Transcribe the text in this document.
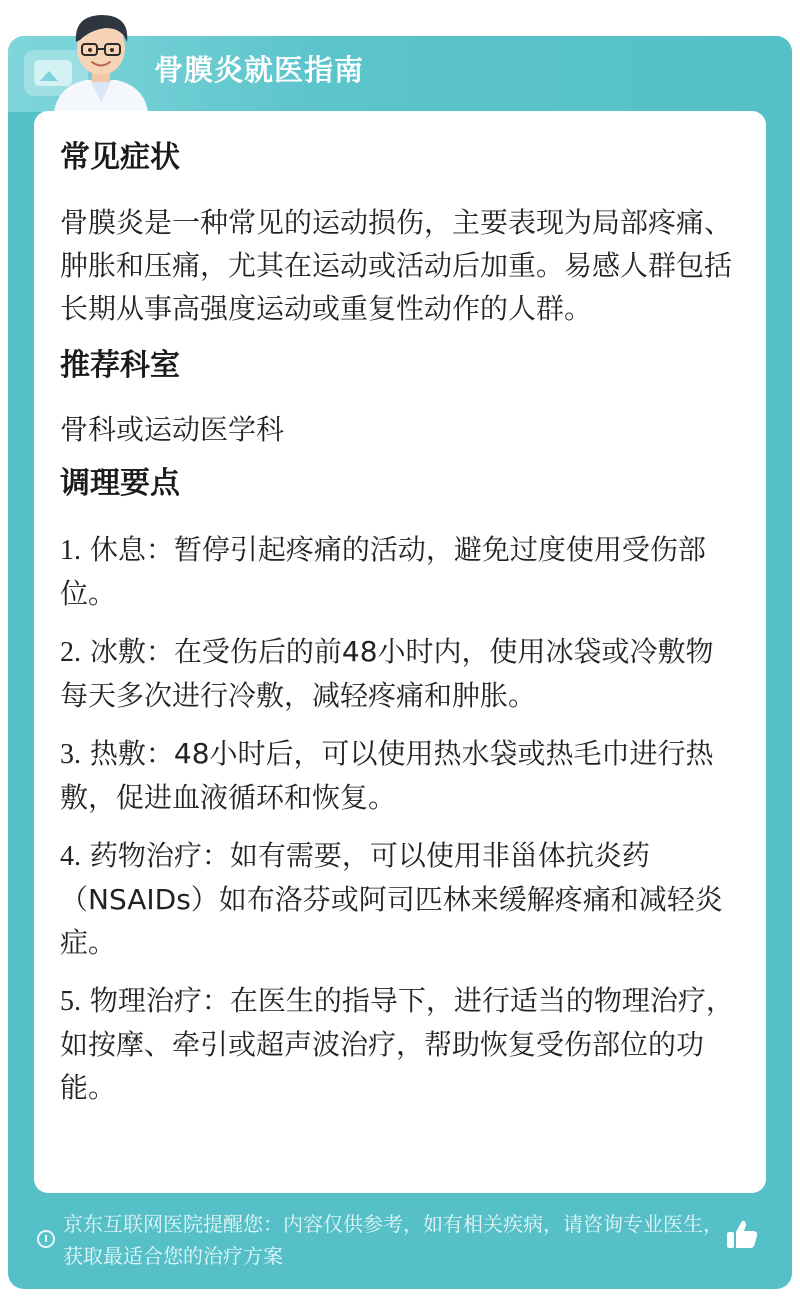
骨膜炎就医指南
常见症状

骨膜炎是一种常见的运动损伤，主要表现为局部疼痛、肿胀和压痛，尤其在运动或活动后加重。易感人群包括长期从事高强度运动或重复性动作的人群。

推荐科室

骨科或运动医学科

调理要点

1. 休息：暂停引起疼痛的活动，避免过度使用受伤部位。

2. 冰敷：在受伤后的前48小时内，使用冰袋或冷敷物每天多次进行冷敷，减轻疼痛和肿胀。

3. 热敷：48小时后，可以使用热水袋或热毛巾进行热敷，促进血液循环和恢复。

4. 药物治疗：如有需要，可以使用非甾体抗炎药（NSAIDs）如布洛芬或阿司匹林来缓解疼痛和减轻炎症。

5. 物理治疗：在医生的指导下，进行适当的物理治疗，如按摩、牵引或超声波治疗，帮助恢复受伤部位的功能。

京东互联网医院提醒您：内容仅供参考，如有相关疾病，请咨询专业医生，获取最适合您的治疗方案
